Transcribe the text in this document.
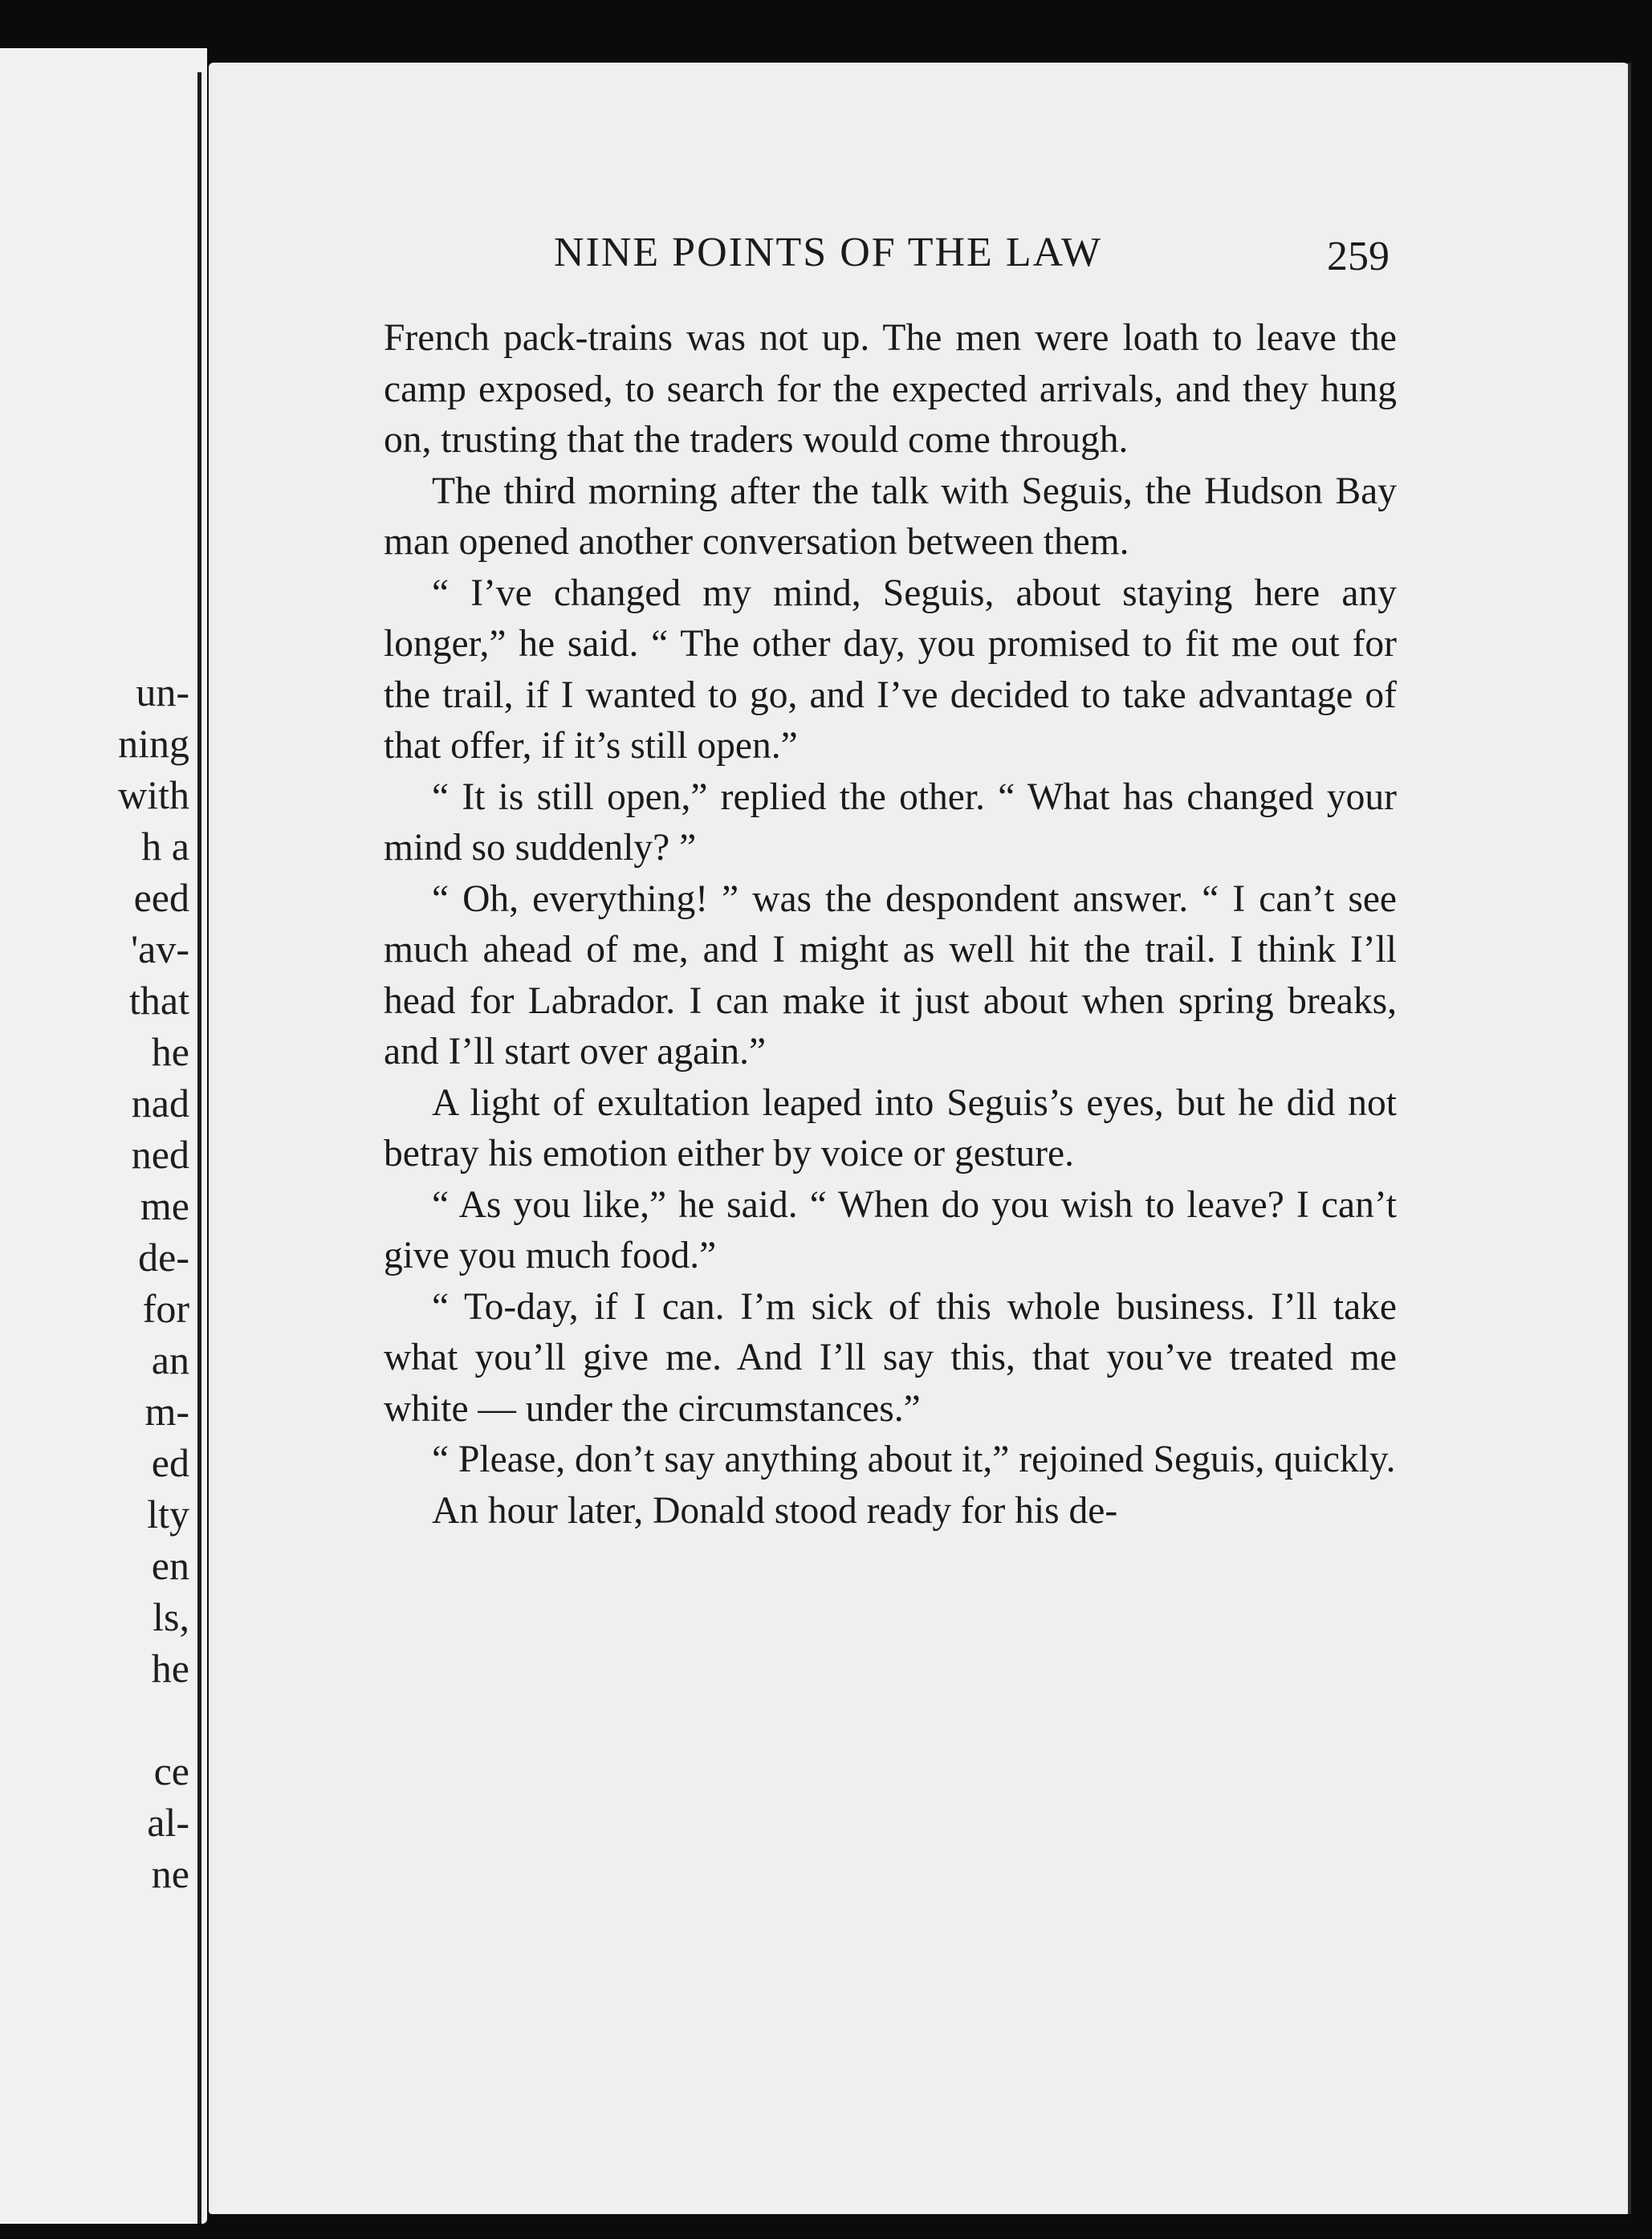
un-
ning
with
h a
eed
'av-
that
he
nad
ned
me
de-
for
an
m-
ed
lty
en
ls,
he
ce
al-
ne
NINE POINTS OF THE LAW	259

French pack-trains was not up. The men were loath to leave the camp exposed, to search for the expected arrivals, and they hung on, trusting that the traders would come through.

The third morning after the talk with Seguis, the Hudson Bay man opened another conversation between them.

“ I’ve changed my mind, Seguis, about staying here any longer,” he said. “ The other day, you promised to fit me out for the trail, if I wanted to go, and I’ve decided to take advantage of that offer, if it’s still open.”

“ It is still open,” replied the other. “ What has changed your mind so suddenly? ”

“ Oh, everything! ” was the despondent answer. “ I can’t see much ahead of me, and I might as well hit the trail. I think I’ll head for Labrador. I can make it just about when spring breaks, and I’ll start over again.”

A light of exultation leaped into Seguis’s eyes, but he did not betray his emotion either by voice or gesture.

“ As you like,” he said. “ When do you wish to leave? I can’t give you much food.”

“ To-day, if I can. I’m sick of this whole business. I’ll take what you’ll give me. And I’ll say this, that you’ve treated me white — under the circumstances.”

“ Please, don’t say anything about it,” rejoined Seguis, quickly.

An hour later, Donald stood ready for his de-
